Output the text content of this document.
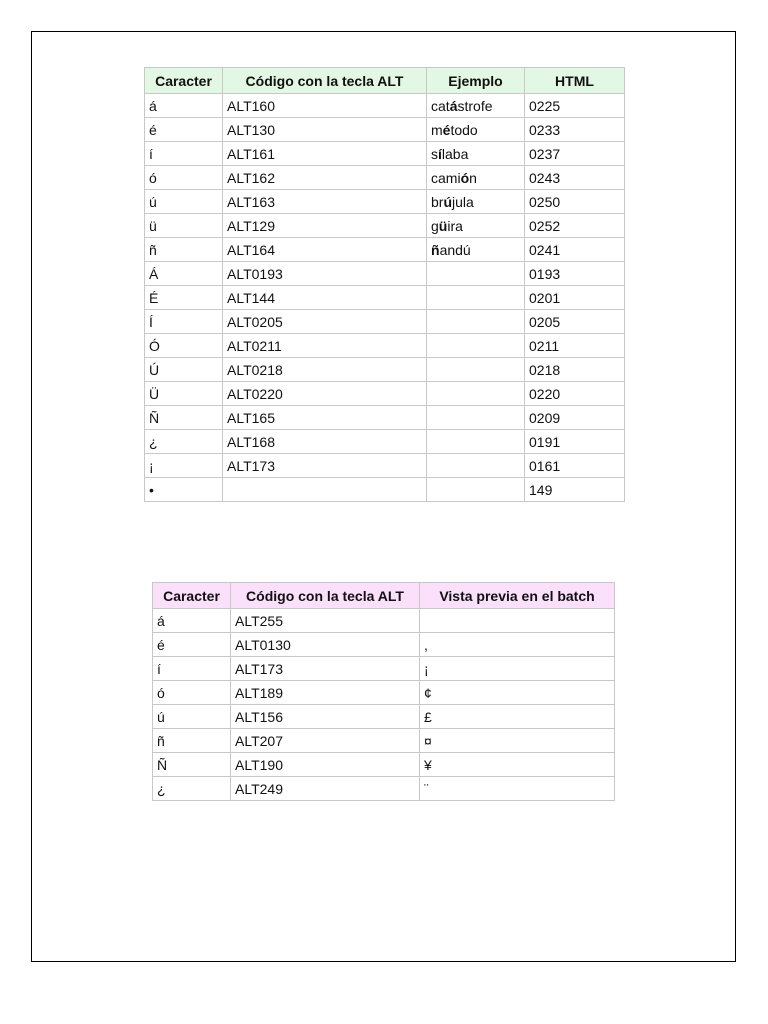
Caracter	Código con la tecla ALT	Ejemplo	HTML
á	ALT160	catástrofe	0225
é	ALT130	método	0233
í	ALT161	sílaba	0237
ó	ALT162	camión	0243
ú	ALT163	brújula	0250
ü	ALT129	güira	0252
ñ	ALT164	ñandú	0241
Á	ALT0193		0193
É	ALT144		0201
Í	ALT0205		0205
Ó	ALT0211		0211
Ú	ALT0218		0218
Ü	ALT0220		0220
Ñ	ALT165		0209
¿	ALT168		0191
¡	ALT173		0161
•			149
Caracter	Código con la tecla ALT	Vista previa en el batch
á	ALT255	
é	ALT0130	,
í	ALT173	¡
ó	ALT189	¢
ú	ALT156	£
ñ	ALT207	¤
Ñ	ALT190	¥
¿	ALT249	¨
